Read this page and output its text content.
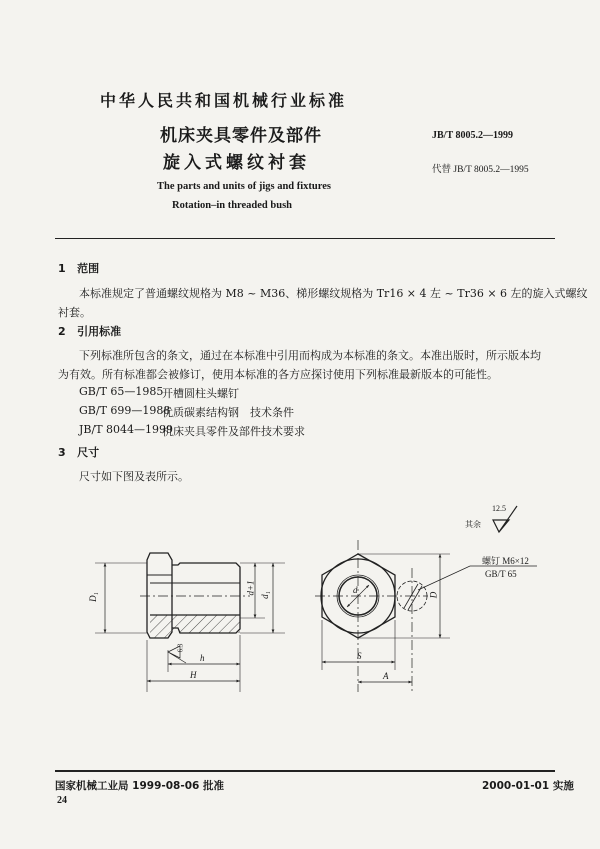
中华人民共和国机械行业标准
机床夹具零件及部件
旋入式螺纹衬套
The parts and units of jigs and fixtures
Rotation–in threaded bush
JB/T 8005.2—1999
代替 JB/T 8005.2—1995
1 范围
本标准规定了普通螺纹规格为 M8 ~ M36、梯形螺纹规格为 Tr16 × 4 左 ~ Tr36 × 6 左的旋入式螺纹
衬套。
2 引用标准
下列标准所包含的条文，通过在本标准中引用而构成为本标准的条文。本准出版时，所示版本均
为有效。所有标准都会被修订，使用本标准的各方应探讨使用下列标准最新版本的可能性。
GB/T 65—1985
开槽圆柱头螺钉
GB/T 699—1988
优质碳素结构钢　技术条件
JB/T 8044—1999
机床夹具零件及部件技术要求
3 尺寸
尺寸如下图及表所示。
D₁
d+1 d₁
h
H
6.3
d	D
S
A
螺钉 M6×12
GB/T 65
其余
12.5
国家机械工业局 1999-08-06 批准	2000-01-01 实施
24
